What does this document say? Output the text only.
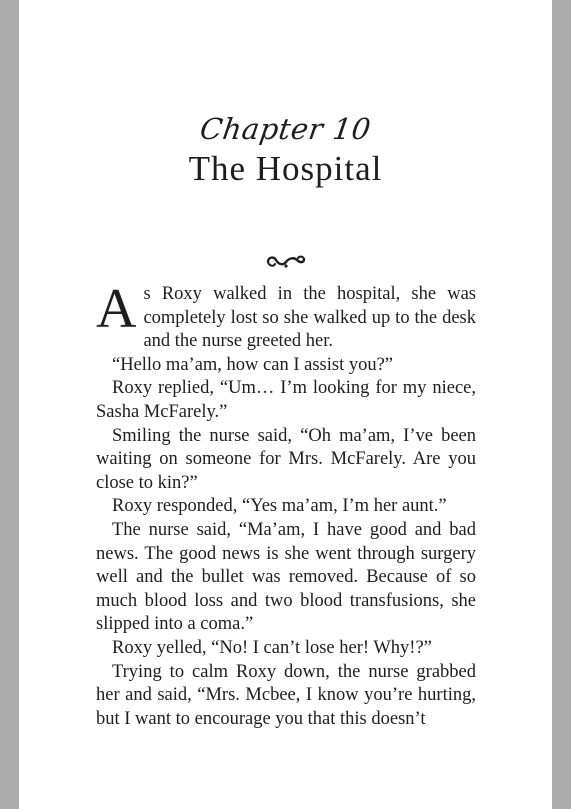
Chapter 10
The Hospital

As Roxy walked in the hospital, she was completely lost so she walked up to the desk and the nurse greeted her.

“Hello ma’am, how can I assist you?”

Roxy replied, “Um… I’m looking for my niece, Sasha McFarely.”

Smiling the nurse said, “Oh ma’am, I’ve been waiting on someone for Mrs. McFarely. Are you close to kin?”

Roxy responded, “Yes ma’am, I’m her aunt.”

The nurse said, “Ma’am, I have good and bad news. The good news is she went through surgery well and the bullet was removed. Because of so much blood loss and two blood transfusions, she slipped into a coma.”

Roxy yelled, “No! I can’t lose her! Why!?”

Trying to calm Roxy down, the nurse grabbed her and said, “Mrs. Mcbee, I know you’re hurting, but I want to encourage you that this doesn’t
